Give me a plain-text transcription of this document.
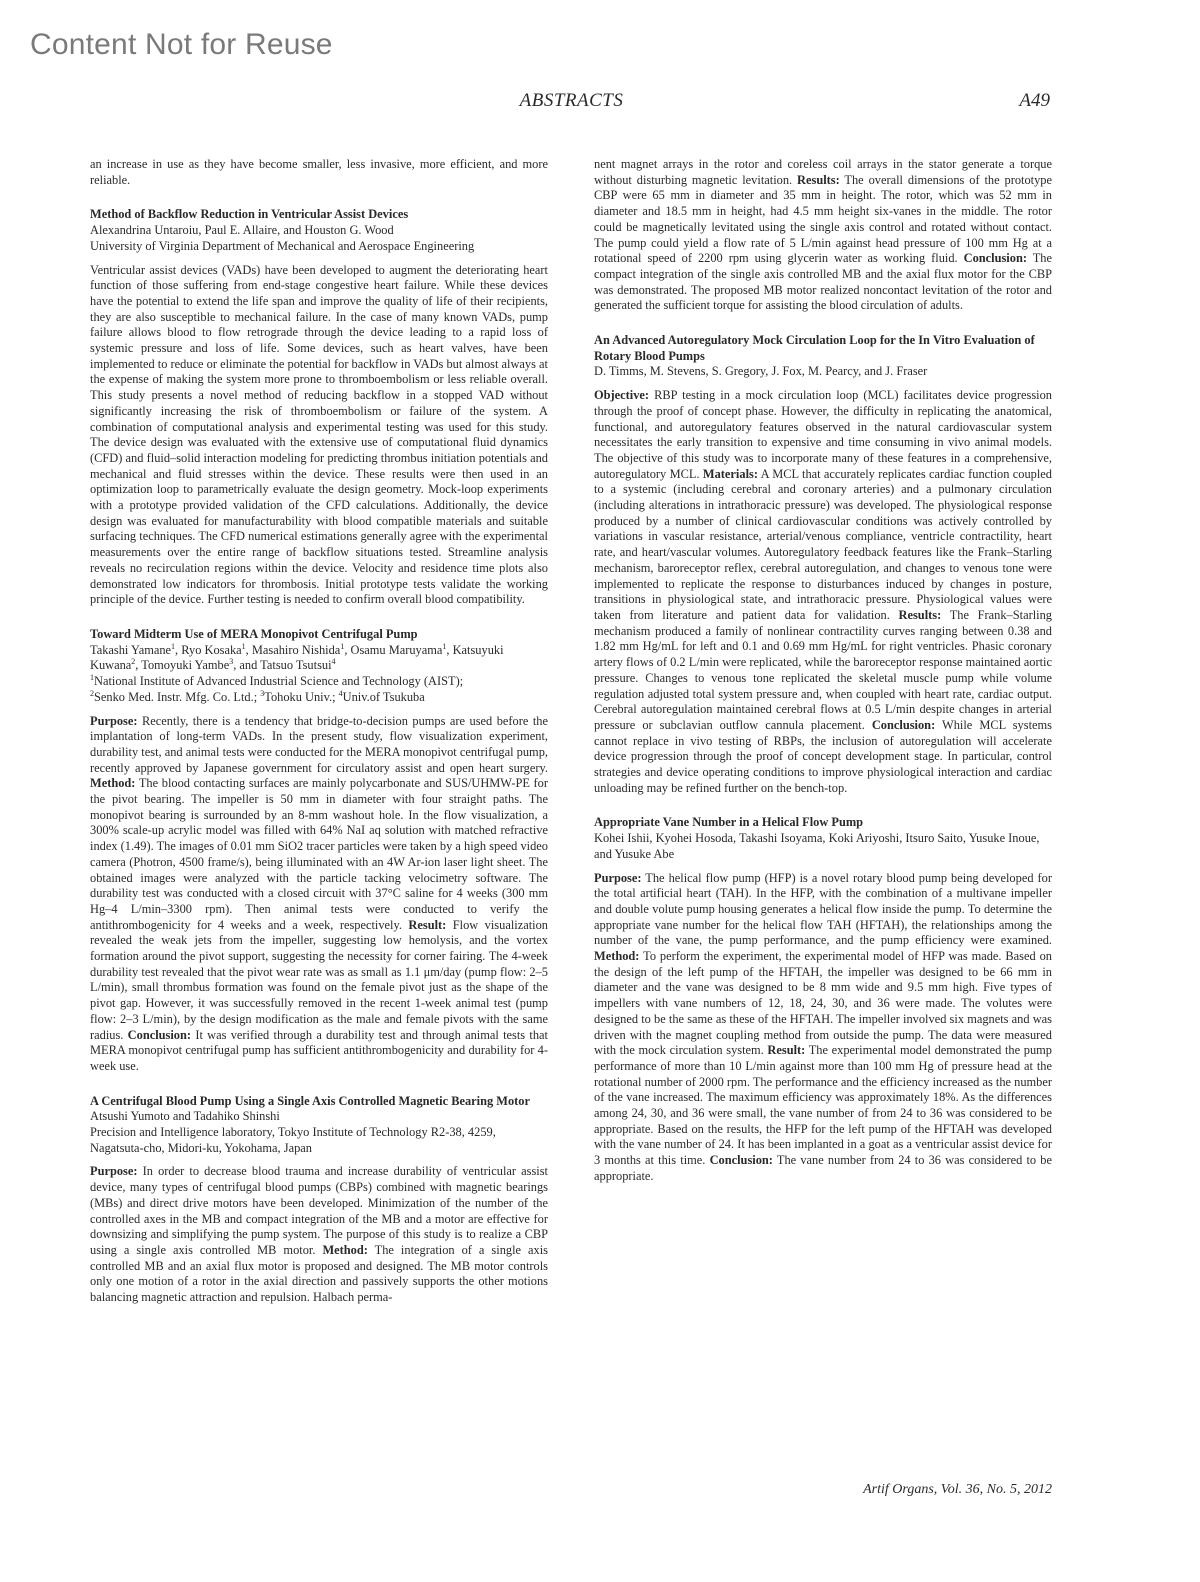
Content Not for Reuse
ABSTRACTS	A49

an increase in use as they have become smaller, less invasive, more efficient, and more reliable.

Method of Backflow Reduction in Ventricular Assist Devices

Alexandrina Untaroiu, Paul E. Allaire, and Houston G. Wood

University of Virginia Department of Mechanical and Aerospace Engineering

Ventricular assist devices (VADs) have been developed to augment the deteriorating heart function of those suffering from end-stage congestive heart failure. While these devices have the potential to extend the life span and improve the quality of life of their recipients, they are also susceptible to mechanical failure. In the case of many known VADs, pump failure allows blood to flow retrograde through the device leading to a rapid loss of systemic pressure and loss of life. Some devices, such as heart valves, have been implemented to reduce or eliminate the potential for backflow in VADs but almost always at the expense of making the system more prone to thromboembolism or less reliable overall. This study presents a novel method of reducing backflow in a stopped VAD without significantly increasing the risk of thromboembolism or failure of the system. A combination of computational analysis and experimental testing was used for this study. The device design was evaluated with the extensive use of computational fluid dynamics (CFD) and fluid–solid interaction modeling for predicting thrombus initiation potentials and mechanical and fluid stresses within the device. These results were then used in an optimization loop to parametrically evaluate the design geometry. Mock-loop experiments with a prototype provided validation of the CFD calculations. Additionally, the device design was evaluated for manufacturability with blood compatible materials and suitable surfacing techniques. The CFD numerical estimations generally agree with the experimental measurements over the entire range of backflow situations tested. Streamline analysis reveals no recirculation regions within the device. Velocity and residence time plots also demonstrated low indicators for thrombosis. Initial prototype tests validate the working principle of the device. Further testing is needed to confirm overall blood compatibility.

Toward Midterm Use of MERA Monopivot Centrifugal Pump

Takashi Yamane$^1$, Ryo Kosaka$^1$, Masahiro Nishida$^1$, Osamu Maruyama$^1$, Katsuyuki Kuwana$^2$, Tomoyuki Yambe$^3$, and Tatsuo Tsutsui$^4$

$^1$National Institute of Advanced Industrial Science and Technology (AIST);
$^2$Senko Med. Instr. Mfg. Co. Ltd.; $^3$Tohoku Univ.; $^4$Univ.of Tsukuba

Purpose: Recently, there is a tendency that bridge-to-decision pumps are used before the implantation of long-term VADs. In the present study, flow visualization experiment, durability test, and animal tests were conducted for the MERA monopivot centrifugal pump, recently approved by Japanese government for circulatory assist and open heart surgery. Method: The blood contacting surfaces are mainly polycarbonate and SUS/UHMW-PE for the pivot bearing. The impeller is 50 mm in diameter with four straight paths. The monopivot bearing is surrounded by an 8-mm washout hole. In the flow visualization, a 300% scale-up acrylic model was filled with 64% NaI aq solution with matched refractive index (1.49). The images of 0.01 mm SiO2 tracer particles were taken by a high speed video camera (Photron, 4500 frame/s), being illuminated with an 4W Ar-ion laser light sheet. The obtained images were analyzed with the particle tacking velocimetry software. The durability test was conducted with a closed circuit with 37°C saline for 4 weeks (300 mm Hg–4 L/min–3300 rpm). Then animal tests were conducted to verify the antithrombogenicity for 4 weeks and a week, respectively. Result: Flow visualization revealed the weak jets from the impeller, suggesting low hemolysis, and the vortex formation around the pivot support, suggesting the necessity for corner fairing. The 4-week durability test revealed that the pivot wear rate was as small as 1.1 μm/day (pump flow: 2–5 L/min), small thrombus formation was found on the female pivot just as the shape of the pivot gap. However, it was successfully removed in the recent 1-week animal test (pump flow: 2–3 L/min), by the design modification as the male and female pivots with the same radius. Conclusion: It was verified through a durability test and through animal tests that MERA monopivot centrifugal pump has sufficient antithrombogenicity and durability for 4-week use.

A Centrifugal Blood Pump Using a Single Axis Controlled Magnetic Bearing Motor

Atsushi Yumoto and Tadahiko Shinshi

Precision and Intelligence laboratory, Tokyo Institute of Technology R2-38, 4259, Nagatsuta-cho, Midori-ku, Yokohama, Japan

Purpose: In order to decrease blood trauma and increase durability of ventricular assist device, many types of centrifugal blood pumps (CBPs) combined with magnetic bearings (MBs) and direct drive motors have been developed. Minimization of the number of the controlled axes in the MB and compact integration of the MB and a motor are effective for downsizing and simplifying the pump system. The purpose of this study is to realize a CBP using a single axis controlled MB motor. Method: The integration of a single axis controlled MB and an axial flux motor is proposed and designed. The MB motor controls only one motion of a rotor in the axial direction and passively supports the other motions balancing magnetic attraction and repulsion. Halbach perma-

nent magnet arrays in the rotor and coreless coil arrays in the stator generate a torque without disturbing magnetic levitation. Results: The overall dimensions of the prototype CBP were 65 mm in diameter and 35 mm in height. The rotor, which was 52 mm in diameter and 18.5 mm in height, had 4.5 mm height six-vanes in the middle. The rotor could be magnetically levitated using the single axis control and rotated without contact. The pump could yield a flow rate of 5 L/min against head pressure of 100 mm Hg at a rotational speed of 2200 rpm using glycerin water as working fluid. Conclusion: The compact integration of the single axis controlled MB and the axial flux motor for the CBP was demonstrated. The proposed MB motor realized noncontact levitation of the rotor and generated the sufficient torque for assisting the blood circulation of adults.

An Advanced Autoregulatory Mock Circulation Loop for the In Vitro Evaluation of Rotary Blood Pumps

D. Timms, M. Stevens, S. Gregory, J. Fox, M. Pearcy, and J. Fraser

Objective: RBP testing in a mock circulation loop (MCL) facilitates device progression through the proof of concept phase. However, the difficulty in replicating the anatomical, functional, and autoregulatory features observed in the natural cardiovascular system necessitates the early transition to expensive and time consuming in vivo animal models. The objective of this study was to incorporate many of these features in a comprehensive, autoregulatory MCL. Materials: A MCL that accurately replicates cardiac function coupled to a systemic (including cerebral and coronary arteries) and a pulmonary circulation (including alterations in intrathoracic pressure) was developed. The physiological response produced by a number of clinical cardiovascular conditions was actively controlled by variations in vascular resistance, arterial/venous compliance, ventricle contractility, heart rate, and heart/vascular volumes. Autoregulatory feedback features like the Frank–Starling mechanism, baroreceptor reflex, cerebral autoregulation, and changes to venous tone were implemented to replicate the response to disturbances induced by changes in posture, transitions in physiological state, and intrathoracic pressure. Physiological values were taken from literature and patient data for validation. Results: The Frank–Starling mechanism produced a family of nonlinear contractility curves ranging between 0.38 and 1.82 mm Hg/mL for left and 0.1 and 0.69 mm Hg/mL for right ventricles. Phasic coronary artery flows of 0.2 L/min were replicated, while the baroreceptor response maintained aortic pressure. Changes to venous tone replicated the skeletal muscle pump while volume regulation adjusted total system pressure and, when coupled with heart rate, cardiac output. Cerebral autoregulation maintained cerebral flows at 0.5 L/min despite changes in arterial pressure or subclavian outflow cannula placement. Conclusion: While MCL systems cannot replace in vivo testing of RBPs, the inclusion of autoregulation will accelerate device progression through the proof of concept development stage. In particular, control strategies and device operating conditions to improve physiological interaction and cardiac unloading may be refined further on the bench-top.

Appropriate Vane Number in a Helical Flow Pump

Kohei Ishii, Kyohei Hosoda, Takashi Isoyama, Koki Ariyoshi, Itsuro Saito, Yusuke Inoue, and Yusuke Abe

Purpose: The helical flow pump (HFP) is a novel rotary blood pump being developed for the total artificial heart (TAH). In the HFP, with the combination of a multivane impeller and double volute pump housing generates a helical flow inside the pump. To determine the appropriate vane number for the helical flow TAH (HFTAH), the relationships among the number of the vane, the pump performance, and the pump efficiency were examined. Method: To perform the experiment, the experimental model of HFP was made. Based on the design of the left pump of the HFTAH, the impeller was designed to be 66 mm in diameter and the vane was designed to be 8 mm wide and 9.5 mm high. Five types of impellers with vane numbers of 12, 18, 24, 30, and 36 were made. The volutes were designed to be the same as these of the HFTAH. The impeller involved six magnets and was driven with the magnet coupling method from outside the pump. The data were measured with the mock circulation system. Result: The experimental model demonstrated the pump performance of more than 10 L/min against more than 100 mm Hg of pressure head at the rotational number of 2000 rpm. The performance and the efficiency increased as the number of the vane increased. The maximum efficiency was approximately 18%. As the differences among 24, 30, and 36 were small, the vane number of from 24 to 36 was considered to be appropriate. Based on the results, the HFP for the left pump of the HFTAH was developed with the vane number of 24. It has been implanted in a goat as a ventricular assist device for 3 months at this time. Conclusion: The vane number from 24 to 36 was considered to be appropriate.

Artif Organs, Vol. 36, No. 5, 2012
